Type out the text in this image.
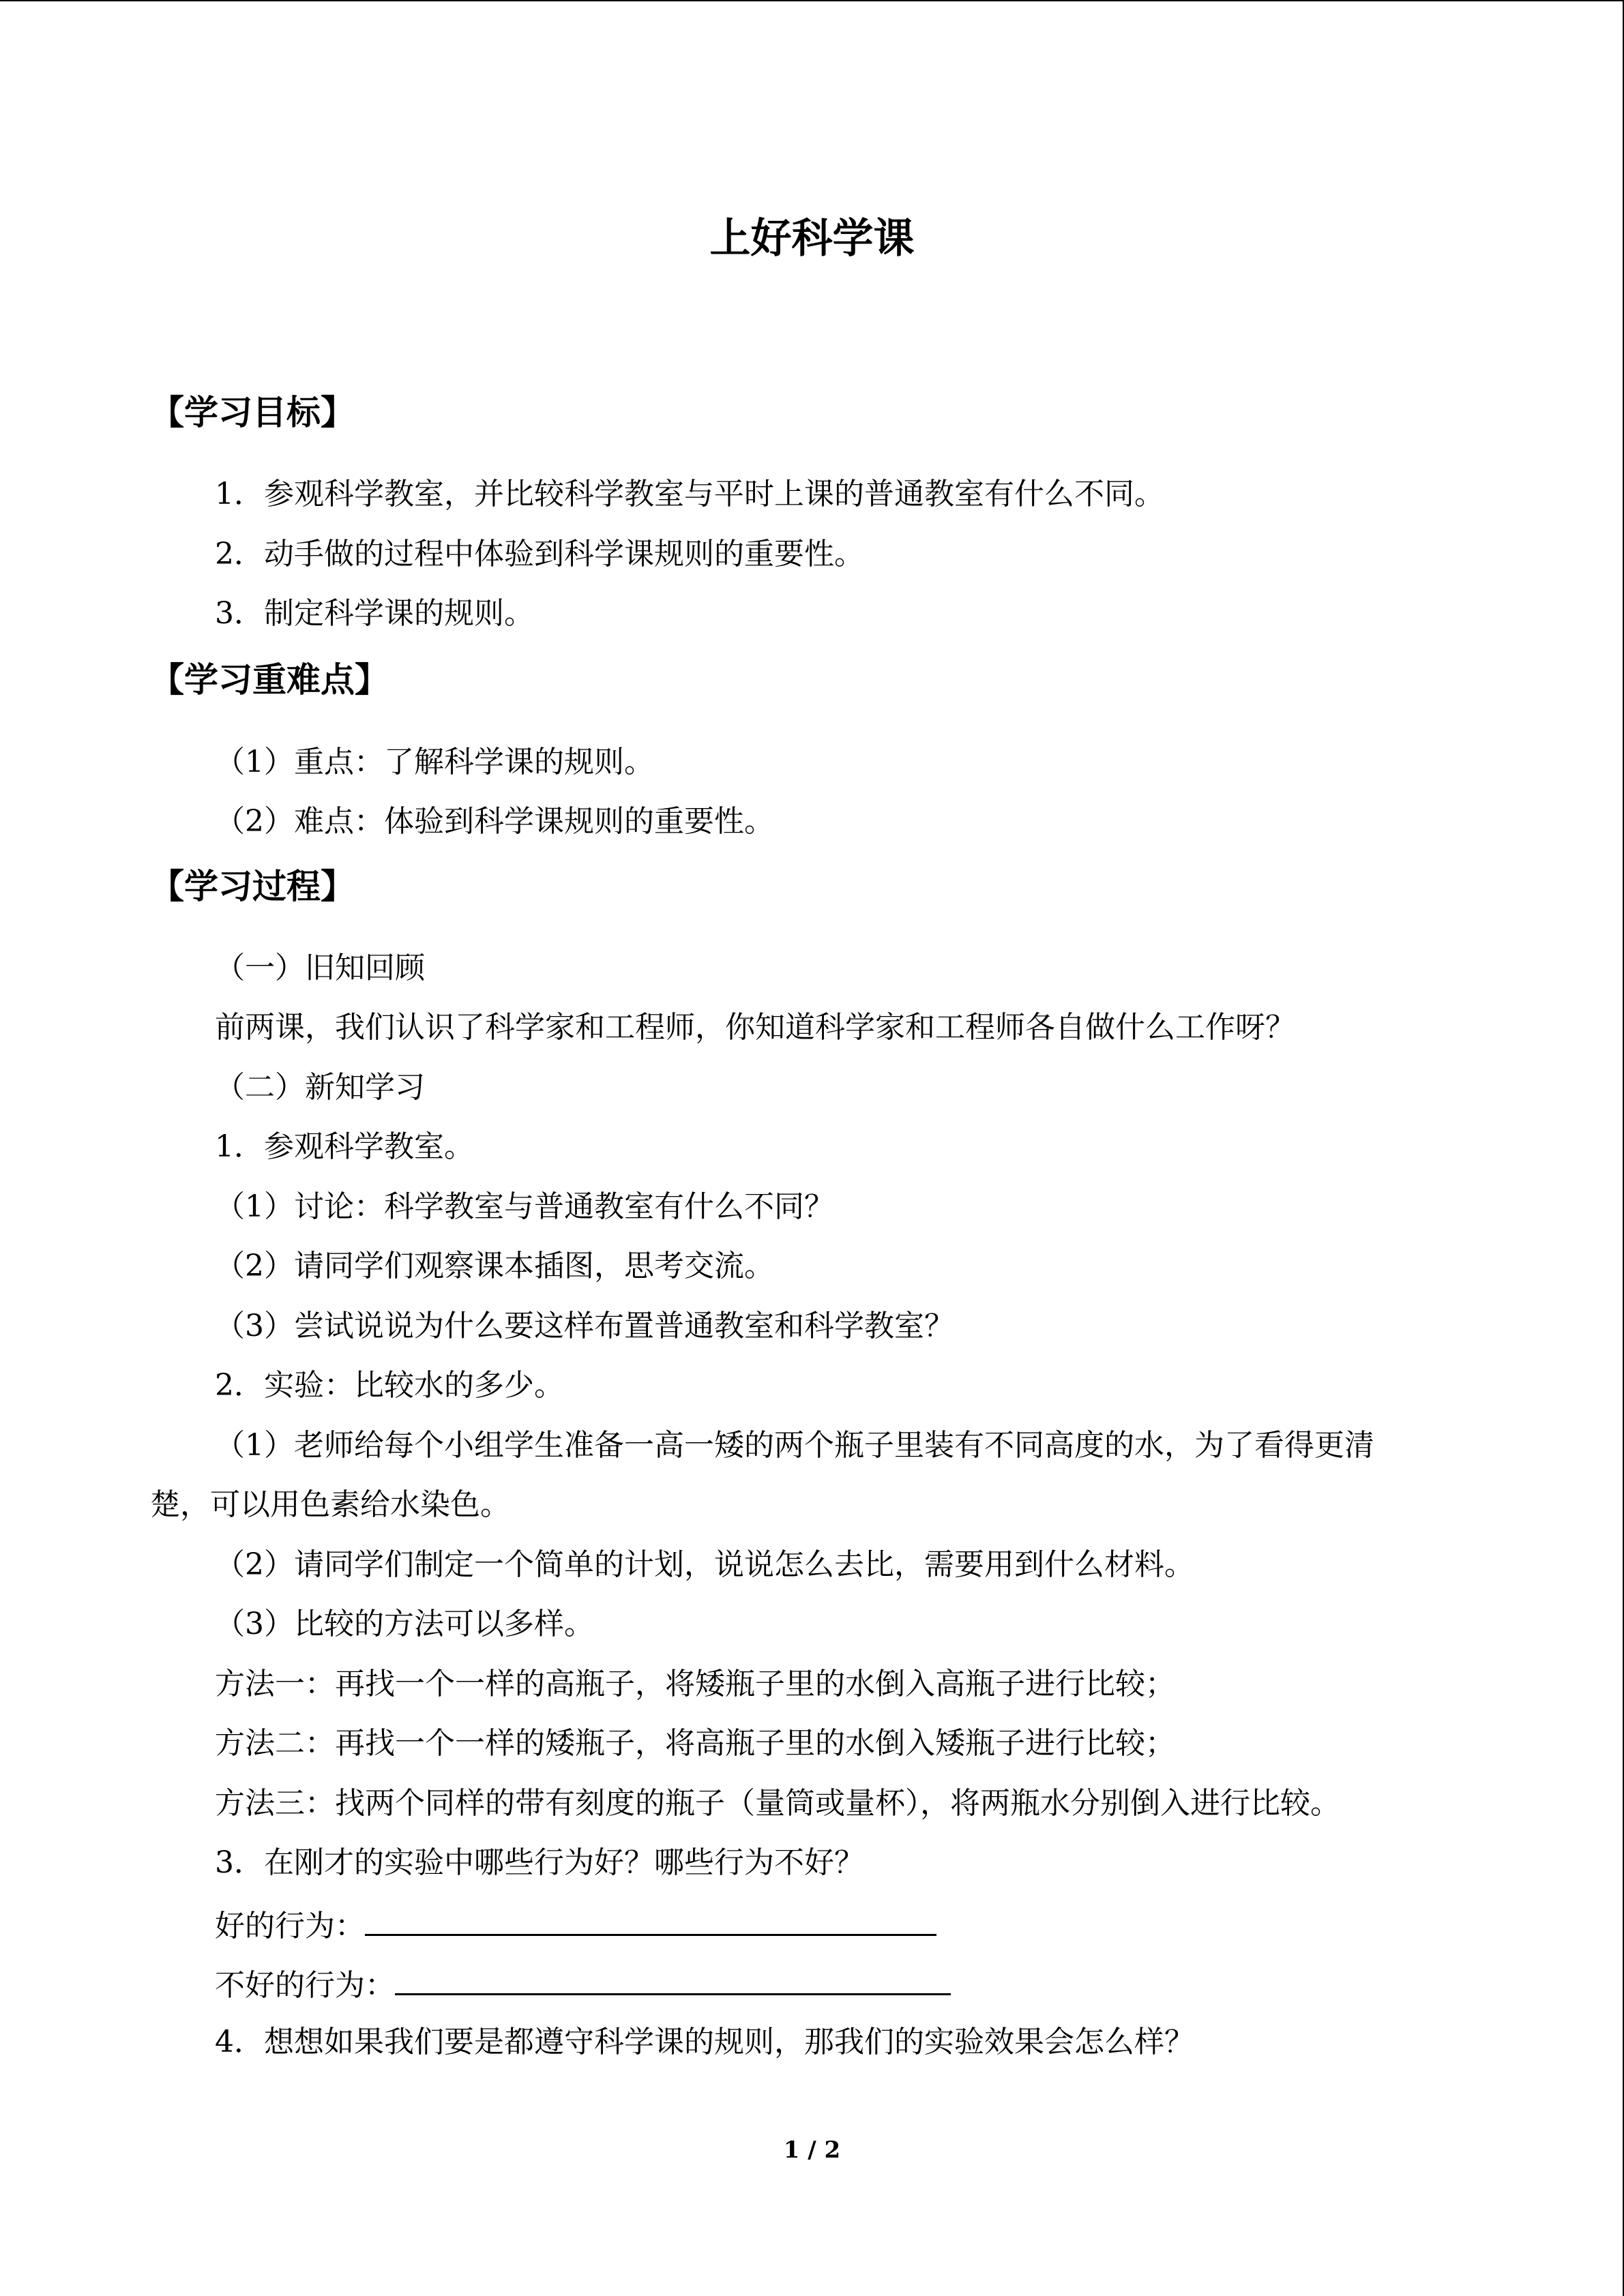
上好科学课
【学习目标】
1．参观科学教室，并比较科学教室与平时上课的普通教室有什么不同。
2．动手做的过程中体验到科学课规则的重要性。
3．制定科学课的规则。
【学习重难点】
（1）重点：了解科学课的规则。
（2）难点：体验到科学课规则的重要性。
【学习过程】
（一）旧知回顾
前两课，我们认识了科学家和工程师，你知道科学家和工程师各自做什么工作呀？
（二）新知学习
1．参观科学教室。
（1）讨论：科学教室与普通教室有什么不同？
（2）请同学们观察课本插图，思考交流。
（3）尝试说说为什么要这样布置普通教室和科学教室？
2．实验：比较水的多少。
（1）老师给每个小组学生准备一高一矮的两个瓶子里装有不同高度的水，为了看得更清
楚，可以用色素给水染色。
（2）请同学们制定一个简单的计划，说说怎么去比，需要用到什么材料。
（3）比较的方法可以多样。
方法一：再找一个一样的高瓶子，将矮瓶子里的水倒入高瓶子进行比较；
方法二：再找一个一样的矮瓶子，将高瓶子里的水倒入矮瓶子进行比较；
方法三：找两个同样的带有刻度的瓶子（量筒或量杯），将两瓶水分别倒入进行比较。
3．在刚才的实验中哪些行为好？哪些行为不好？
好的行为：
不好的行为：
4．想想如果我们要是都遵守科学课的规则，那我们的实验效果会怎么样？
1 / 2
